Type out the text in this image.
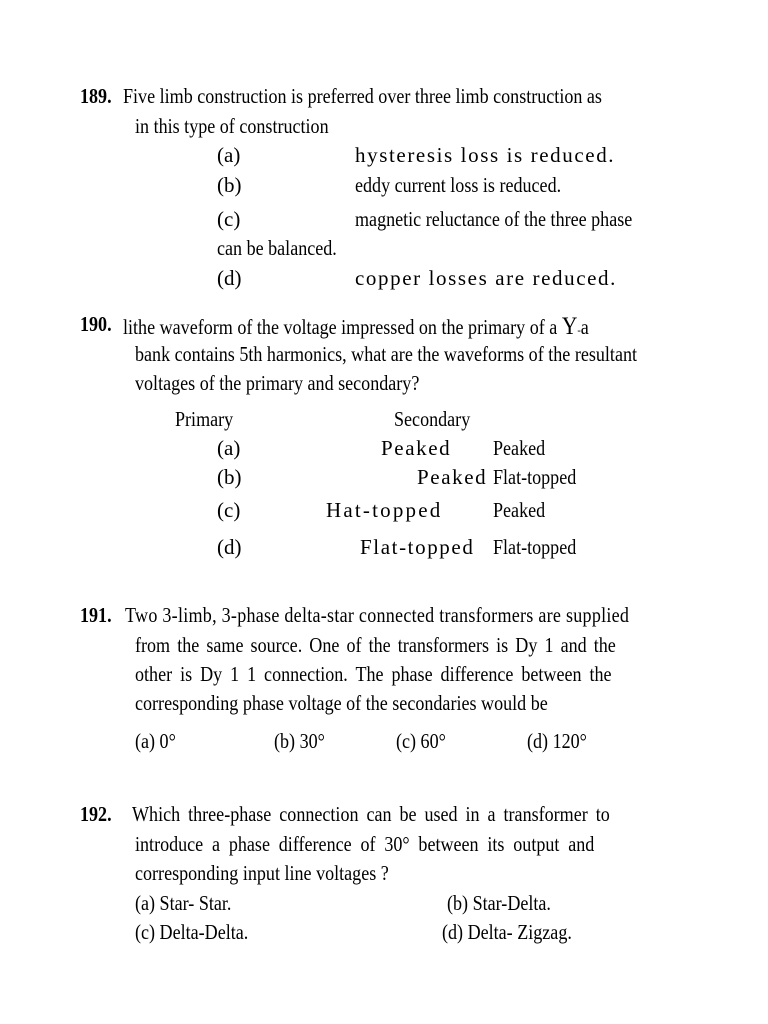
189. Five limb construction is preferred over three limb construction as
in this type of construction
(a)	hysteresis loss is reduced.
(b)	eddy current loss is reduced.
(c)	magnetic reluctance of the three phase
can be balanced.
(d)	copper losses are reduced.
190. lithe waveform of the voltage impressed on the primary of a Y-a
bank contains 5th harmonics, what are the waveforms of the resultant
voltages of the primary and secondary?
Primary	Secondary
(a)	Peaked Peaked
(b)	Peaked Flat-topped
(c)	Hat-topped Peaked
(d)	Flat-topped Flat-topped
191. Two 3-limb, 3-phase delta-star connected transformers are supplied
from the same source. One of the transformers is Dy 1 and the
other is Dy 1 1 connection. The phase difference between the
corresponding phase voltage of the secondaries would be
(a) 0°	(b) 30°	(c) 60°	(d) 120°
192. Which three-phase connection can be used in a transformer to
introduce a phase difference of 30° between its output and
corresponding input line voltages ?
(a) Star- Star.	(b) Star-Delta.
(c) Delta-Delta.	(d) Delta- Zigzag.
